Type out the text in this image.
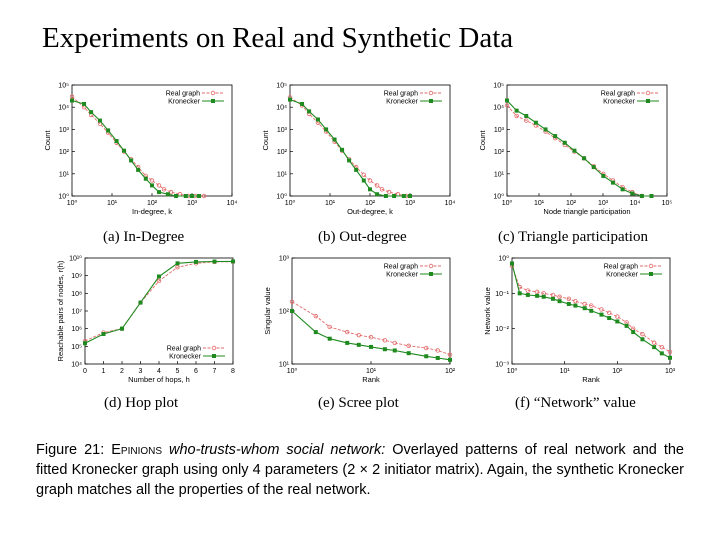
Experiments on Real and Synthetic Data
10⁰	10¹	10²	10³	10⁴
10⁰
10¹
10²
10³
10⁴
10⁵
In-degree, k
Count
Real graph
Kronecker
10⁰	10¹	10²	10³	10⁴
10⁰
10¹
10²
10³
10⁴
10⁵
Out-degree, k
Count
Real graph
Kronecker
10⁰	10¹	10²	10³	10⁴	10⁵
10⁰
10¹
10²
10³
10⁴
10⁵
Node triangle participation
Count
Real graph
Kronecker
0 1 2 3 4 5 6 7 8
10⁴
10⁵
10⁶
10⁷
10⁸
10⁹
10¹⁰
Number of hops, h
Reachable pairs of nodes, r(h)	Real graph
Kronecker
10⁰	10¹	10²
10¹
10²
10³
Rank
Singular value
Real graph
Kronecker
10⁰	10¹	10²	10³
10⁻³
10⁻²
10⁻¹
10⁰
Rank
Network value
Real graph
Kronecker
(a) In-Degree	(b) Out-degree	(c) Triangle participation
(d) Hop plot	(e) Scree plot	(f) “Network” value
Figure 21: Epinions who-trusts-whom social network: Overlayed patterns of real network and the fitted Kronecker graph using only 4 parameters (2 × 2 initiator matrix). Again, the synthetic Kronecker graph matches all the properties of the real network.
